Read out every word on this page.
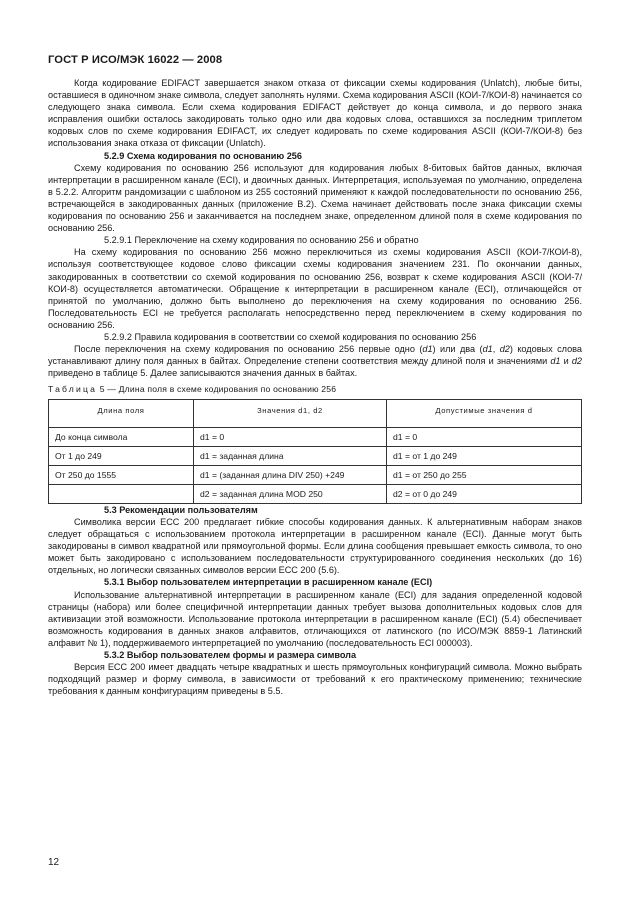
ГОСТ Р ИСО/МЭК 16022 — 2008

Когда кодирование EDIFACT завершается знаком отказа от фиксации схемы кодирования (Unlatch), любые биты, оставшиеся в одиночном знаке символа, следует заполнять нулями. Схема кодирования ASCII (КОИ-7/КОИ-8) начинается со следующего знака символа. Если схема кодирования EDIFACT действует до конца символа, и до первого знака исправления ошибки осталось закодировать только одно или два кодовых слова, оставшихся за последним триплетом кодовых слов по схеме кодирования EDIFACT, их следует кодировать по схеме кодирования ASCII (КОИ-7/КОИ-8) без использования знака отказа от фиксации (Unlatch).

5.2.9 Схема кодирования по основанию 256

Схему кодирования по основанию 256 используют для кодирования любых 8-битовых байтов данных, включая интерпретации в расширенном канале (ECI), и двоичных данных. Интерпретация, используемая по умолчанию, определена в 5.2.2. Алгоритм рандомизации с шаблоном из 255 состояний применяют к каждой последовательности по основанию 256, встречающейся в закодированных данных (приложение В.2). Схема начинает действовать после знака фиксации схемы кодирования по основанию 256 и заканчивается на последнем знаке, определенном длиной поля в схеме кодирования по основанию 256.

5.2.9.1 Переключение на схему кодирования по основанию 256 и обратно

На схему кодирования по основанию 256 можно переключиться из схемы кодирования ASCII (КОИ-7/КОИ-8), используя соответствующее кодовое слово фиксации схемы кодирования значением 231. По окончании данных, закодированных в соответствии со схемой кодирования по основанию 256, возврат к схеме кодирования ASCII (КОИ-7/КОИ-8) осуществляется автоматически. Обращение к интерпретации в расширенном канале (ECI), отличающейся от принятой по умолчанию, должно быть выполнено до переключения на схему кодирования по основанию 256. Последовательность ECI не требуется располагать непосредственно перед переключением в схему кодирования по основанию 256.

5.2.9.2 Правила кодирования в соответствии со схемой кодирования по основанию 256

После переключения на схему кодирования по основанию 256 первые одно (d1) или два (d1, d2) кодовых слова устанавливают длину поля данных в байтах. Определение степени соответствия между длиной поля и значениями d1 и d2 приведено в таблице 5. Далее записываются значения данных в байтах.

Таблица 5 — Длина поля в схеме кодирования по основанию 256
Длина поля	Значения d1, d2	Допустимые значения d
До конца символа	d1 = 0	d1 = 0
От 1 до 249	d1 = заданная длина	d1 = от 1 до 249
От 250 до 1555	d1 = (заданная длина DIV 250) +249	d1 = от 250 до 255
	d2 = заданная длина MOD 250	d2 = от 0 до 249
5.3 Рекомендации пользователям

Символика версии ECC 200 предлагает гибкие способы кодирования данных. К альтернативным наборам знаков следует обращаться с использованием протокола интерпретации в расширенном канале (ECI). Данные могут быть закодированы в символ квадратной или прямоугольной формы. Если длина сообщения превышает емкость символа, то оно может быть закодировано с использованием последовательности структурированного соединения нескольких (до 16) отдельных, но логически связанных символов версии ECC 200 (5.6).

5.3.1 Выбор пользователем интерпретации в расширенном канале (ECI)

Использование альтернативной интерпретации в расширенном канале (ECI) для задания определенной кодовой страницы (набора) или более специфичной интерпретации данных требует вызова дополнительных кодовых слов для активизации этой возможности. Использование протокола интерпретации в расширенном канале (ECI) (5.4) обеспечивает возможность кодирования в данных знаков алфавитов, отличающихся от латинского (по ИСО/МЭК 8859-1 Латинский алфавит № 1), поддерживаемого интерпретацией по умолчанию (последовательность ECI 000003).

5.3.2 Выбор пользователем формы и размера символа

Версия ECC 200 имеет двадцать четыре квадратных и шесть прямоугольных конфигураций символа. Можно выбрать подходящий размер и форму символа, в зависимости от требований к его практическому применению; технические требования к данным конфигурациям приведены в 5.5.

12
